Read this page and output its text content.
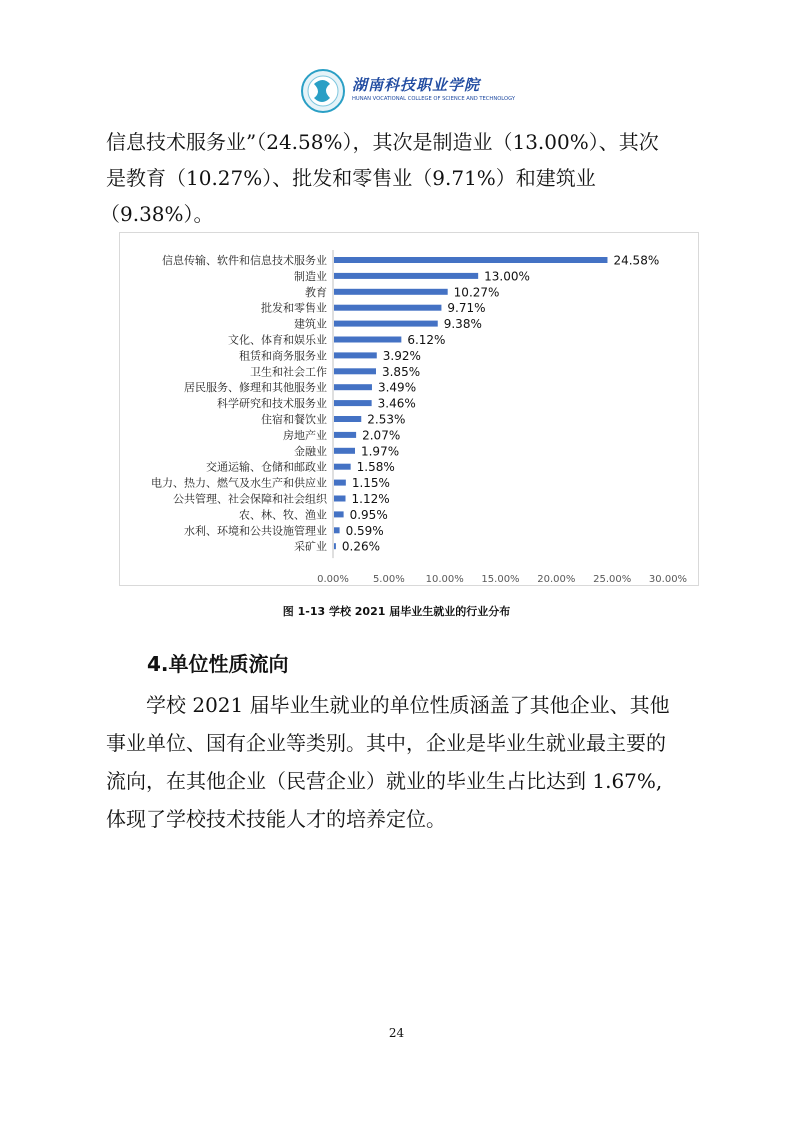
湖南科技职业学院
HUNAN VOCATIONAL COLLEGE OF SCIENCE AND TECHNOLOGY
信息技术服务业”（24.58%），其次是制造业（13.00%）、其次
是教育（10.27%）、批发和零售业（9.71%）和建筑业
（9.38%）。
信息传输、软件和信息技术服务业	24.58%
制造业	13.00%
教育	10.27%
批发和零售业	9.71%
建筑业	9.38%
文化、体育和娱乐业	6.12%
租赁和商务服务业	3.92%
卫生和社会工作	3.85%
居民服务、修理和其他服务业	3.49%
科学研究和技术服务业	3.46%
住宿和餐饮业	2.53%
房地产业	2.07%
金融业	1.97%
交通运输、仓储和邮政业 1.58%
电力、热力、燃气及水生产和供应业 1.15%
公共管理、社会保障和社会组织 1.12%
农、林、牧、渔业 0.95%
水利、环境和公共设施管理业 0.59%
采矿业 0.26%
0.00% 5.00% 10.00% 15.00% 20.00% 25.00% 30.00%
图 1-13 学校 2021 届毕业生就业的行业分布
4.单位性质流向
　　学校 2021 届毕业生就业的单位性质涵盖了其他企业、其他
事业单位、国有企业等类别。其中，企业是毕业生就业最主要的
流向，在其他企业（民营企业）就业的毕业生占比达到 1.67%,
体现了学校技术技能人才的培养定位。
24
